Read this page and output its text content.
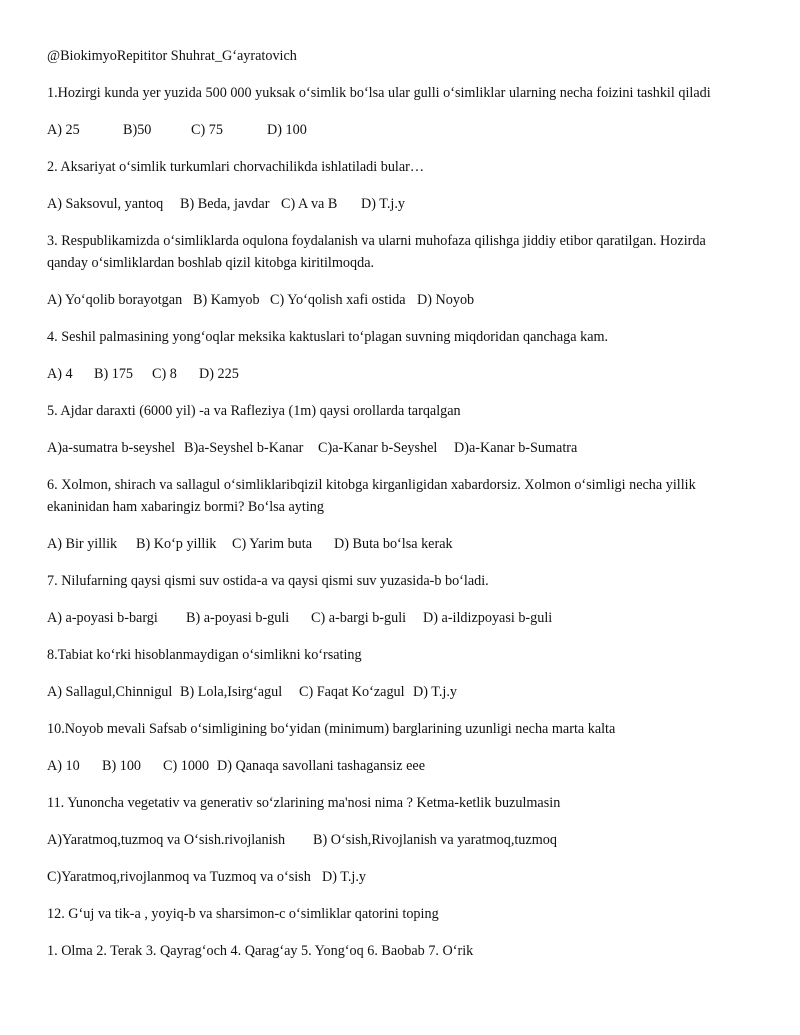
@BiokimyoRepititor Shuhrat_G‘ayratovich
1.Hozirgi kunda yer yuzida 500 000 yuksak o‘simlik bo‘lsa ular gulli o‘simliklar ularning necha foizini tashkil qiladi
A) 25	B)50	C) 75	D) 100
2. Aksariyat o‘simlik turkumlari chorvachilikda ishlatiladi bular…
A) Saksovul, yantoq B) Beda, javdar C) A va B D) T.j.y
3. Respublikamizda o‘simliklarda oqulona foydalanish va ularni muhofaza qilishga jiddiy etibor qaratilgan. Hozirda qanday o‘simliklardan boshlab qizil kitobga kiritilmoqda.
A) Yo‘qolib borayotgan B) Kamyob C) Yo‘qolish xafi ostida D) Noyob
4. Seshil palmasining yong‘oqlar meksika kaktuslari to‘plagan suvning miqdoridan qanchaga kam.
A) 4 B) 175 C) 8 D) 225
5. Ajdar daraxti (6000 yil) -a va Rafleziya (1m) qaysi orollarda tarqalgan
A)a-sumatra b-seyshel B)a-Seyshel b-Kanar C)a-Kanar b-Seyshel D)a-Kanar b-Sumatra
6. Xolmon, shirach va sallagul o‘simliklaribqizil kitobga kirganligidan xabardorsiz. Xolmon o‘simligi necha yillik ekaninidan ham xabaringiz bormi? Bo‘lsa ayting
A) Bir yillik B) Ko‘p yillik C) Yarim buta D) Buta bo‘lsa kerak
7. Nilufarning qaysi qismi suv ostida-a va qaysi qismi suv yuzasida-b bo‘ladi.
A) a-poyasi b-bargi B) a-poyasi b-guli C) a-bargi b-guli D) a-ildizpoyasi b-guli
8.Tabiat ko‘rki hisoblanmaydigan o‘simlikni ko‘rsating
A) Sallagul,Chinnigul B) Lola,Isirg‘agul C) Faqat Ko‘zagul D) T.j.y
10.Noyob mevali Safsab o‘simligining bo‘yidan (minimum) barglarining uzunligi necha marta kalta
A) 10 B) 100 C) 1000 D) Qanaqa savollani tashagansiz eee
11. Yunoncha vegetativ va generativ so‘zlarining ma'nosi nima ? Ketma-ketlik buzulmasin
A)Yaratmoq,tuzmoq va O‘sish.rivojlanish B) O‘sish,Rivojlanish va yaratmoq,tuzmoq
C)Yaratmoq,rivojlanmoq va Tuzmoq va o‘sish D) T.j.y
12. G‘uj va tik-a , yoyiq-b va sharsimon-c o‘simliklar qatorini toping
1. Olma 2. Terak 3. Qayrag‘och 4. Qarag‘ay 5. Yong‘oq 6. Baobab 7. O‘rik
